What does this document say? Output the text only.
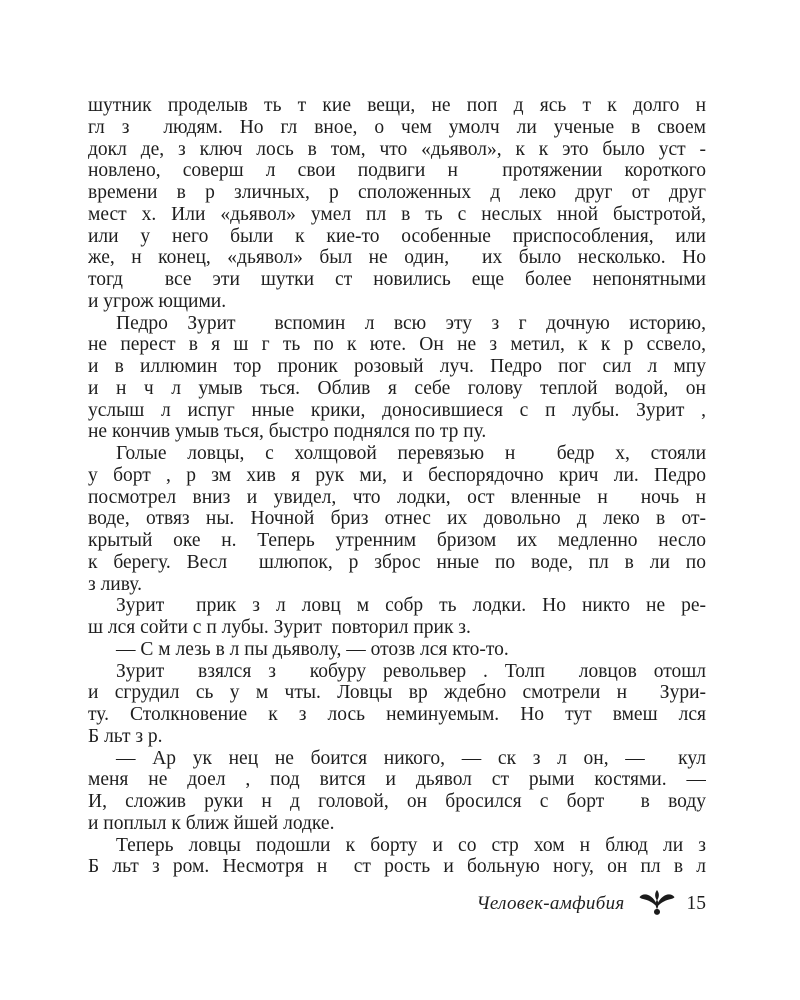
шутник проделыв ть т кие вещи, не поп д ясь т к долго н

гл з  людям. Но гл вное, о чем умолч ли ученые в своем

докл де, з ключ лось в том, что «дьявол», к к это было уст -

новлено, соверш л свои подвиги н  протяжении короткого

времени в р зличных, р сположенных д леко друг от друг

мест х. Или «дьявол» умел пл в ть с неслых нной быстротой,

или у него были к кие-то особенные приспособления, или

же, н конец, «дьявол» был не один,  их было несколько. Но

тогд  все эти шутки ст новились еще более непонятными

и угрож ющими.

Педро Зурит  вспомин л всю эту з г дочную историю,

не перест в я ш г ть по к юте. Он не з метил, к к р ссвело,

и в иллюмин тор проник розовый луч. Педро пог сил л мпу

и н ч л умыв ться. Облив я себе голову теплой водой, он

услыш л испуг нные крики, доносившиеся с п лубы. Зурит ,

не кончив умыв ться, быстро поднялся по тр пу.

Голые ловцы, с холщовой перевязью н  бедр х, стояли

у борт , р зм хив я рук ми, и беспорядочно крич ли. Педро

посмотрел вниз и увидел, что лодки, ост вленные н  ночь н

воде, отвяз ны. Ночной бриз отнес их довольно д леко в от-

крытый оке н. Теперь утренним бризом их медленно несло

к берегу. Весл  шлюпок, р зброс нные по воде, пл в ли по

з ливу.

Зурит  прик з л ловц м собр ть лодки. Но никто не ре-

ш лся сойти с п лубы. Зурит  повторил прик з.

— С м лезь в л пы дьяволу, — отозв лся кто-то.

Зурит  взялся з  кобуру револьвер . Толп  ловцов отошл

и сгрудил сь у м чты. Ловцы вр ждебно смотрели н  Зури-

ту. Столкновение к з лось неминуемым. Но тут вмеш лся

Б льт з р.

— Ар ук нец не боится никого, — ск з л он, —  кул

меня не доел , под вится и дьявол ст рыми костями. —

И, сложив руки н д головой, он бросился с борт  в воду

и поплыл к ближ йшей лодке.

Теперь ловцы подошли к борту и со стр хом н блюд ли з

Б льт з ром. Несмотря н  ст рость и больную ногу, он пл в л

Человек-амфибия	15
